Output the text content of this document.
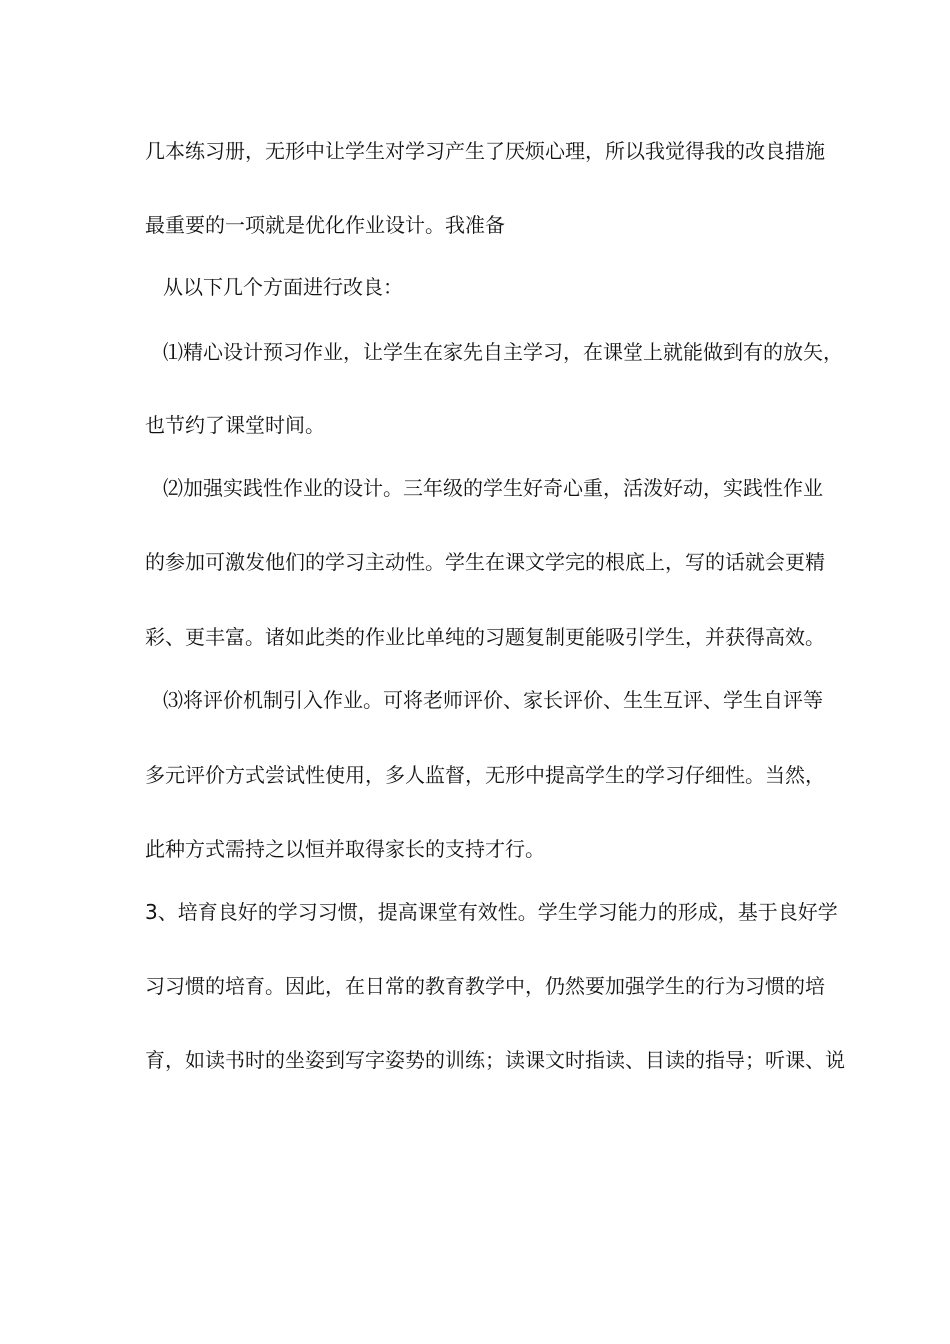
几本练习册，无形中让学生对学习产生了厌烦心理，所以我觉得我的改良措施
最重要的一项就是优化作业设计。我准备
从以下几个方面进行改良：
⑴精心设计预习作业，让学生在家先自主学习，在课堂上就能做到有的放矢，
也节约了课堂时间。
⑵加强实践性作业的设计。三年级的学生好奇心重，活泼好动，实践性作业
的参加可激发他们的学习主动性。学生在课文学完的根底上，写的话就会更精
彩、更丰富。诸如此类的作业比单纯的习题复制更能吸引学生，并获得高效。
⑶将评价机制引入作业。可将老师评价、家长评价、生生互评、学生自评等
多元评价方式尝试性使用，多人监督，无形中提高学生的学习仔细性。当然，
此种方式需持之以恒并取得家长的支持才行。
3、培育良好的学习习惯，提高课堂有效性。学生学习能力的形成，基于良好学
习习惯的培育。因此，在日常的教育教学中，仍然要加强学生的行为习惯的培
育，如读书时的坐姿到写字姿势的训练；读课文时指读、目读的指导；听课、说
